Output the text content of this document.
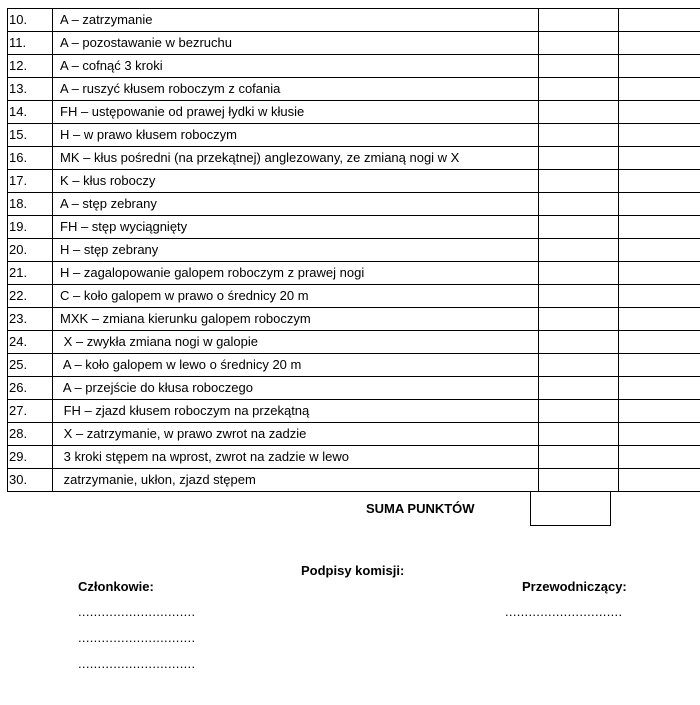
10.	A – zatrzymanie		
11.	A – pozostawanie w bezruchu		
12.	A – cofnąć 3 kroki		
13.	A – ruszyć kłusem roboczym z cofania		
14.	FH – ustępowanie od prawej łydki w kłusie		
15.	H – w prawo kłusem roboczym		
16.	MK – kłus pośredni (na przekątnej) anglezowany, ze zmianą nogi w X		
17.	K – kłus roboczy		
18.	A – stęp zebrany		
19.	FH – stęp wyciągnięty		
20.	H – stęp zebrany		
21.	H – zagalopowanie galopem roboczym z prawej nogi		
22.	C – koło galopem w prawo o średnicy 20 m		
23.	MXK – zmiana kierunku galopem roboczym		
24.	X – zwykła zmiana nogi w galopie		
25.	A – koło galopem w lewo o średnicy 20 m		
26.	A – przejście do kłusa roboczego		
27.	FH – zjazd kłusem roboczym na przekątną		
28.	X – zatrzymanie, w prawo zwrot na zadzie		
29.	3 kroki stępem na wprost, zwrot na zadzie w lewo		
30.	zatrzymanie, ukłon, zjazd stępem		
SUMA PUNKTÓW
Podpisy komisji:
Członkowie:	Przewodniczący:
..............................
..............................
..............................
..............................
